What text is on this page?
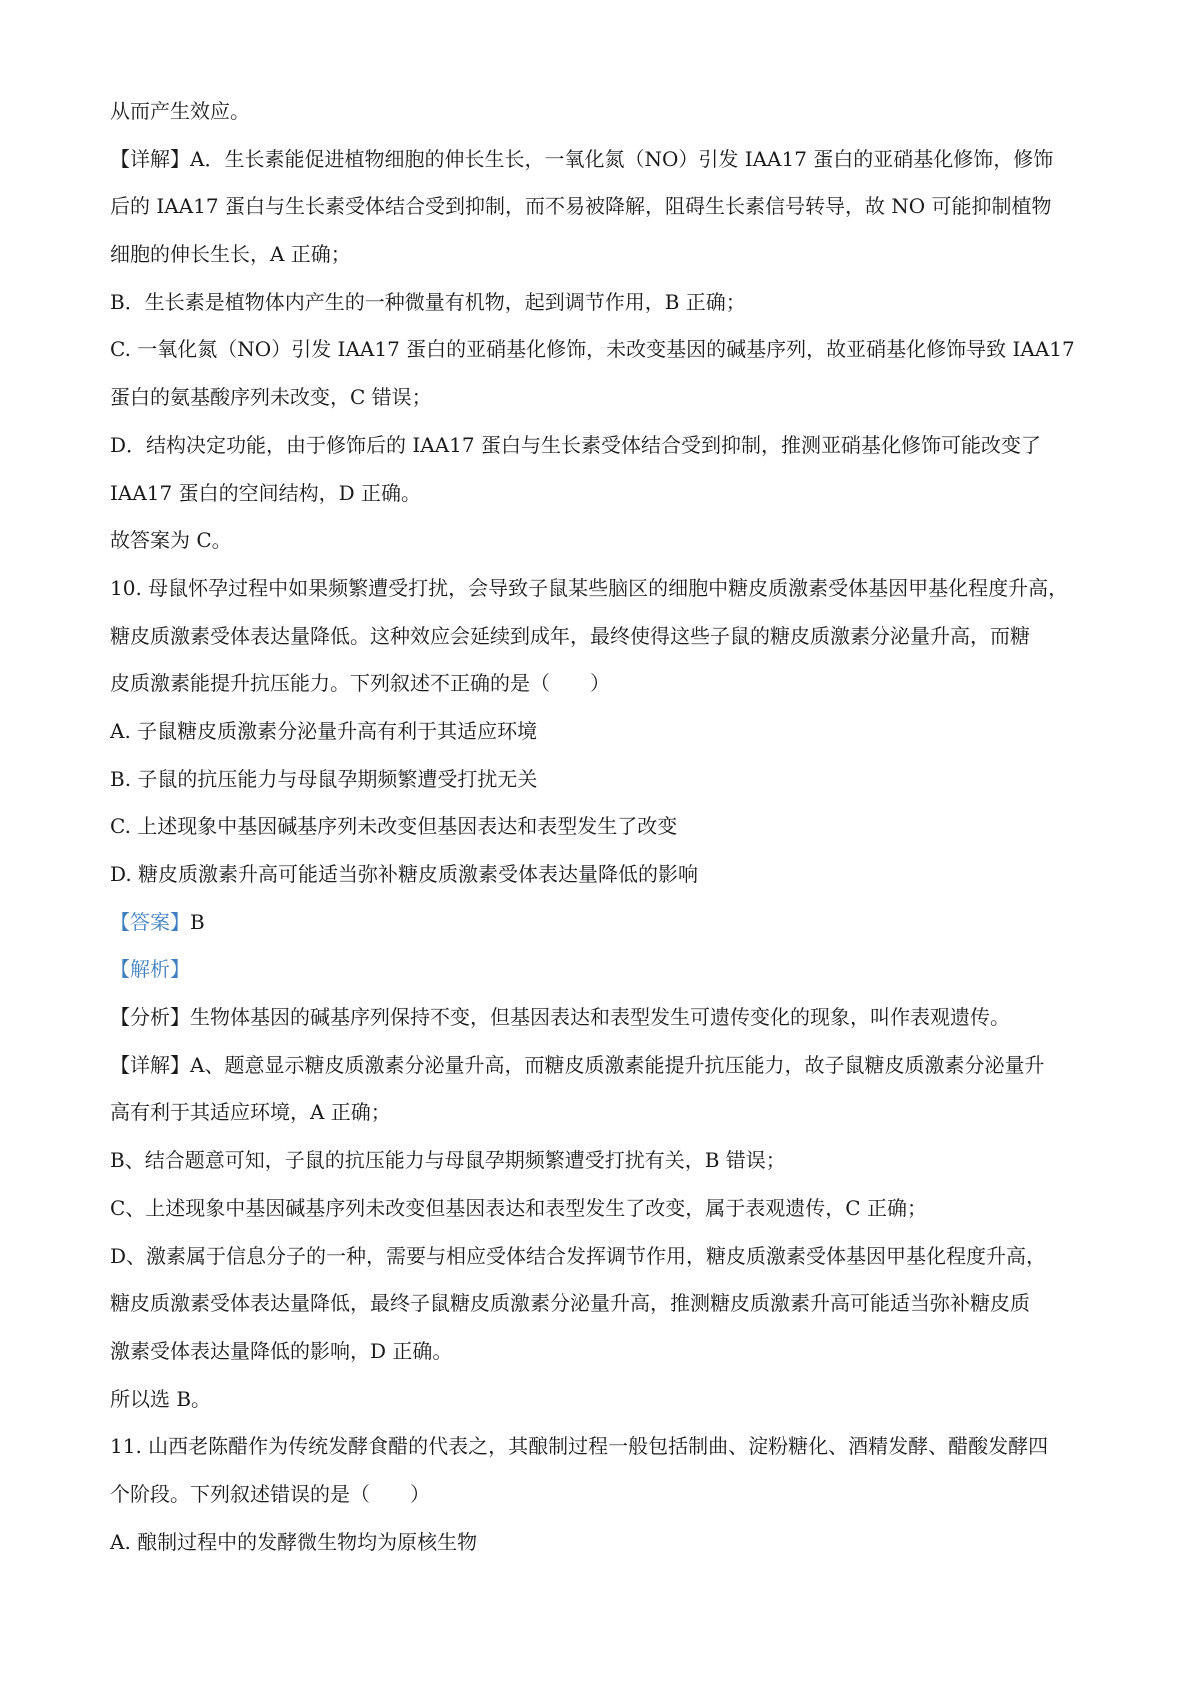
从而产生效应。
【详解】A．生长素能促进植物细胞的伸长生长，一氧化氮（NO）引发 IAA17 蛋白的亚硝基化修饰，修饰
后的 IAA17 蛋白与生长素受体结合受到抑制，而不易被降解，阻碍生长素信号转导，故 NO 可能抑制植物
细胞的伸长生长，A 正确；
B．生长素是植物体内产生的一种微量有机物，起到调节作用，B 正确；
C. 一氧化氮（NO）引发 IAA17 蛋白的亚硝基化修饰，未改变基因的碱基序列，故亚硝基化修饰导致 IAA17
蛋白的氨基酸序列未改变，C 错误；
D．结构决定功能，由于修饰后的 IAA17 蛋白与生长素受体结合受到抑制，推测亚硝基化修饰可能改变了
IAA17 蛋白的空间结构，D 正确。
故答案为 C。
10. 母鼠怀孕过程中如果频繁遭受打扰，会导致子鼠某些脑区的细胞中糖皮质激素受体基因甲基化程度升高，
糖皮质激素受体表达量降低。这种效应会延续到成年，最终使得这些子鼠的糖皮质激素分泌量升高，而糖
皮质激素能提升抗压能力。下列叙述不正确的是（　　）
A. 子鼠糖皮质激素分泌量升高有利于其适应环境
B. 子鼠的抗压能力与母鼠孕期频繁遭受打扰无关
C. 上述现象中基因碱基序列未改变但基因表达和表型发生了改变
D. 糖皮质激素升高可能适当弥补糖皮质激素受体表达量降低的影响
【答案】B
【解析】
【分析】生物体基因的碱基序列保持不变，但基因表达和表型发生可遗传变化的现象，叫作表观遗传。
【详解】A、题意显示糖皮质激素分泌量升高，而糖皮质激素能提升抗压能力，故子鼠糖皮质激素分泌量升
高有利于其适应环境，A 正确；
B、结合题意可知，子鼠的抗压能力与母鼠孕期频繁遭受打扰有关，B 错误；
C、上述现象中基因碱基序列未改变但基因表达和表型发生了改变，属于表观遗传，C 正确；
D、激素属于信息分子的一种，需要与相应受体结合发挥调节作用，糖皮质激素受体基因甲基化程度升高，
糖皮质激素受体表达量降低，最终子鼠糖皮质激素分泌量升高，推测糖皮质激素升高可能适当弥补糖皮质
激素受体表达量降低的影响，D 正确。
所以选 B。
11. 山西老陈醋作为传统发酵食醋的代表之，其酿制过程一般包括制曲、淀粉糖化、酒精发酵、醋酸发酵四
个阶段。下列叙述错误的是（　　）
A. 酿制过程中的发酵微生物均为原核生物
